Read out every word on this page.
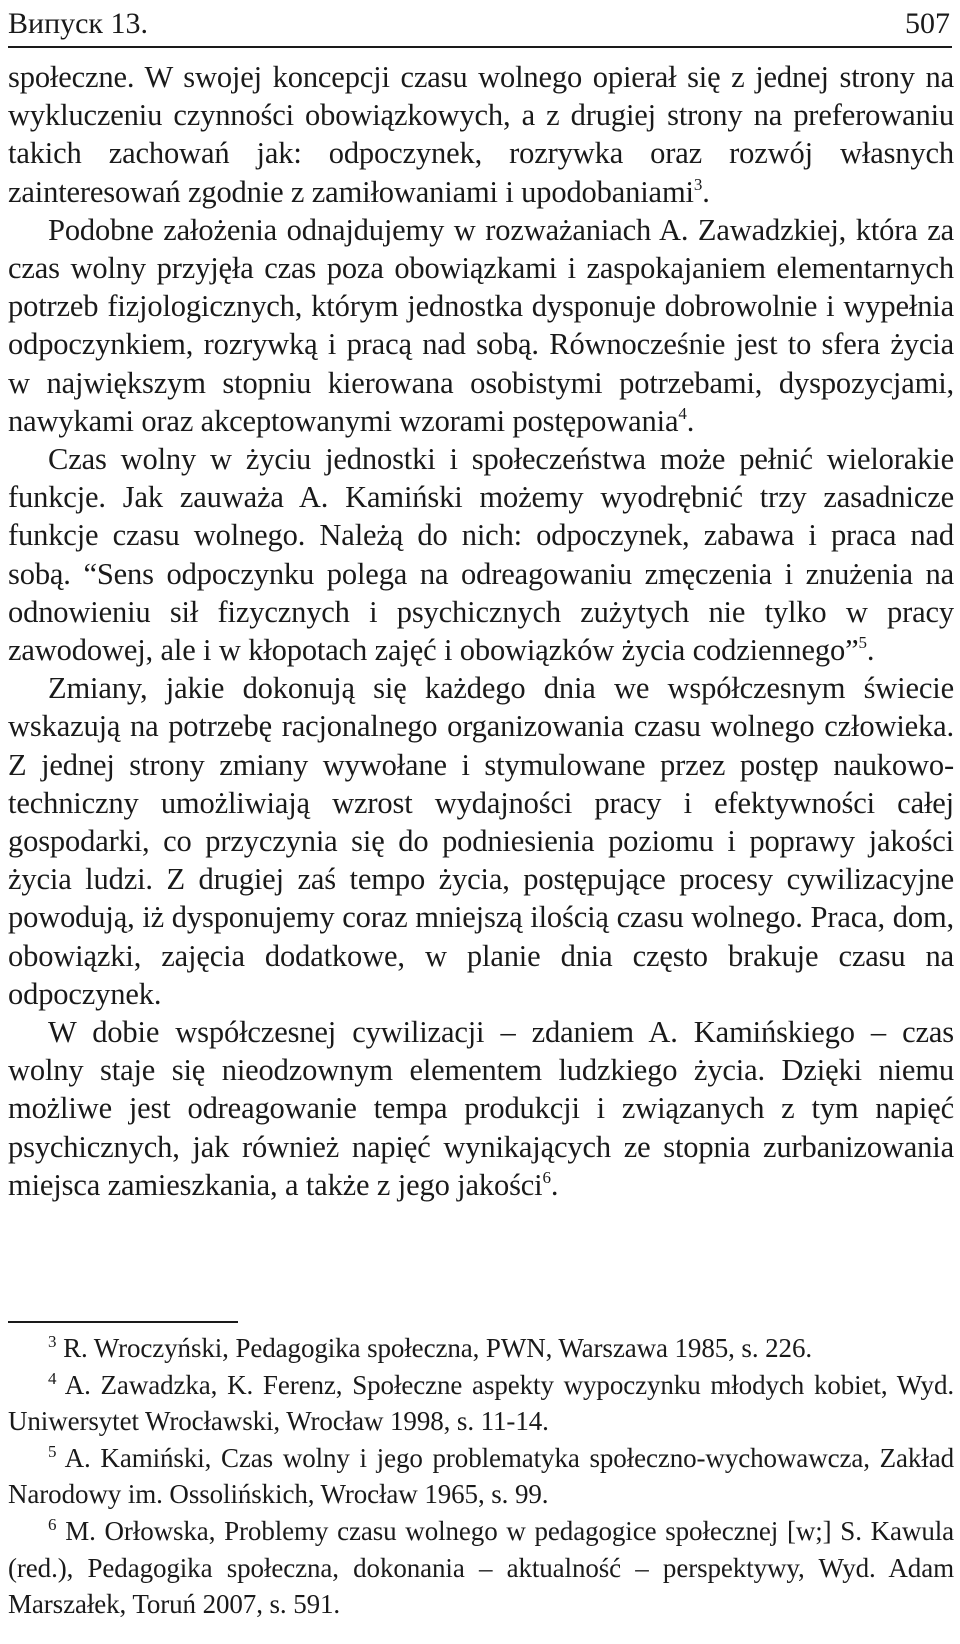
Випуск 13.	507

społeczne. W swojej koncepcji czasu wolnego opierał się z jednej strony na wykluczeniu czynności obowiązkowych, a z drugiej strony na preferowaniu takich zachowań jak: odpoczynek, rozrywka oraz rozwój własnych zainteresowań zgodnie z zamiłowaniami i upodobaniami$^3$.

Podobne założenia odnajdujemy w rozważaniach A. Zawadzkiej, która za czas wolny przyjęła czas poza obowiązkami i zaspokajaniem elementarnych potrzeb fizjologicznych, którym jednostka dysponuje dobrowolnie i wypełnia odpoczynkiem, rozrywką i pracą nad sobą. Równocześnie jest to sfera życia w największym stopniu kierowana osobistymi potrzebami, dyspozycjami, nawykami oraz akceptowanymi wzorami postępowania$^4$.

Czas wolny w życiu jednostki i społeczeństwa może pełnić wielorakie funkcje. Jak zauważa A. Kamiński możemy wyodrębnić trzy zasadnicze funkcje czasu wolnego. Należą do nich: odpoczynek, zabawa i praca nad sobą. “Sens odpoczynku polega na odreagowaniu zmęczenia i znużenia na odnowieniu sił fizycznych i psychicznych zużytych nie tylko w pracy zawodowej, ale i w kłopotach zajęć i obowiązków życia codziennego”$^5$.

Zmiany, jakie dokonują się każdego dnia we współczesnym świecie wskazują na potrzebę racjonalnego organizowania czasu wolnego człowieka. Z jednej strony zmiany wywołane i stymulowane przez postęp naukowo-techniczny umożliwiają wzrost wydajności pracy i efektywności całej gospodarki, co przyczynia się do podniesienia poziomu i poprawy jakości życia ludzi. Z drugiej zaś tempo życia, postępujące procesy cywilizacyjne powodują, iż dysponujemy coraz mniejszą ilością czasu wolnego. Praca, dom, obowiązki, zajęcia dodatkowe, w planie dnia często brakuje czasu na odpoczynek.

W dobie współczesnej cywilizacji – zdaniem A. Kamińskiego – czas wolny staje się nieodzownym elementem ludzkiego życia. Dzięki niemu możliwe jest odreagowanie tempa produkcji i związanych z tym napięć psychicznych, jak również napięć wynikających ze stopnia zurbanizowania miejsca zamieszkania, a także z jego jakości$^6$.

$^3$ R. Wroczyński, Pedagogika społeczna, PWN, Warszawa 1985, s. 226.

$^4$ A. Zawadzka, K. Ferenz, Społeczne aspekty wypoczynku młodych kobiet, Wyd. Uniwersytet Wrocławski, Wrocław 1998, s. 11-14.

$^5$ A. Kamiński, Czas wolny i jego problematyka społeczno-wychowawcza, Zakład Narodowy im. Ossolińskich, Wrocław 1965, s. 99.

$^6$ M. Orłowska, Problemy czasu wolnego w pedagogice społecznej [w;] S. Kawula (red.), Pedagogika społeczna, dokonania – aktualność – perspektywy, Wyd. Adam Marszałek, Toruń 2007, s. 591.
